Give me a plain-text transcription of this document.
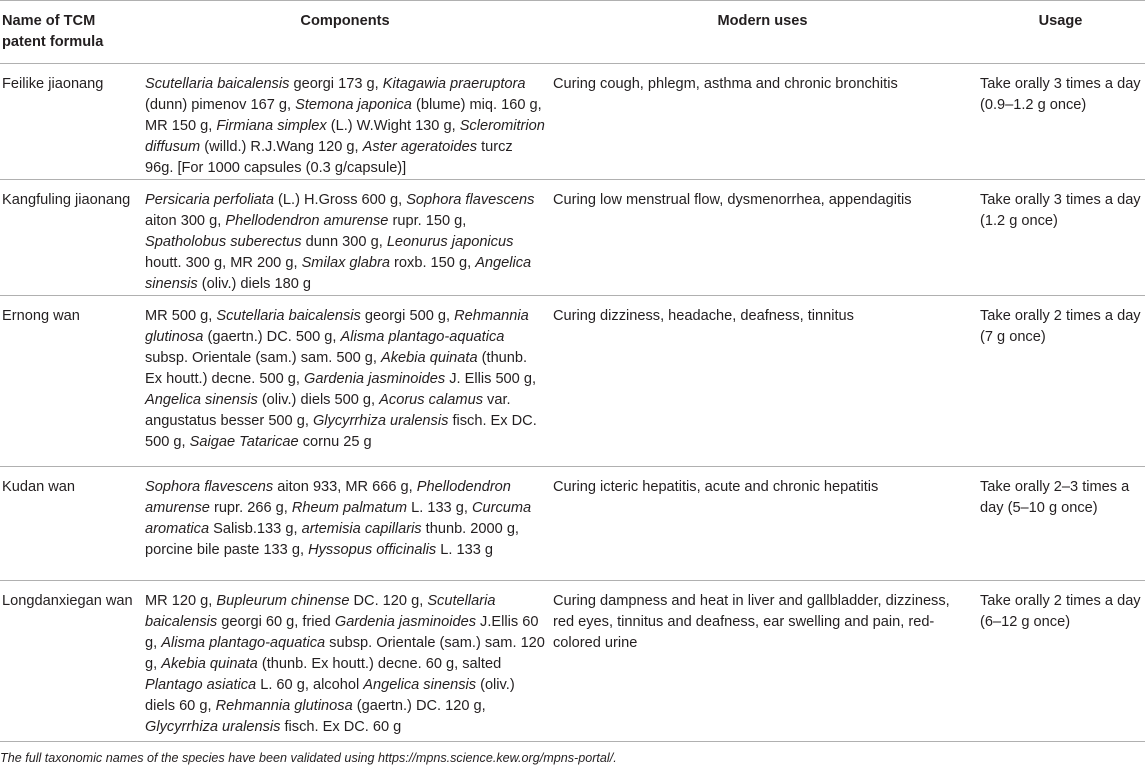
Name of TCM patent formula	Components	Modern uses	Usage
Feilike jiaonang	Scutellaria baicalensis georgi 173 g, Kitagawia praeruptora (dunn) pimenov 167 g, Stemona japonica (blume) miq. 160 g, MR 150 g, Firmiana simplex (L.) W.Wight 130 g, Scleromitrion diffusum (willd.) R.J.Wang 120 g, Aster ageratoides turcz 96g. [For 1000 capsules (0.3 g/capsule)]	Curing cough, phlegm, asthma and chronic bronchitis	Take orally 3 times a day (0.9–1.2 g once)
Kangfuling jiaonang	Persicaria perfoliata (L.) H.Gross 600 g, Sophora flavescens aiton 300 g, Phellodendron amurense rupr. 150 g, Spatholobus suberectus dunn 300 g, Leonurus japonicus houtt. 300 g, MR 200 g, Smilax glabra roxb. 150 g, Angelica sinensis (oliv.) diels 180 g	Curing low menstrual flow, dysmenorrhea, appendagitis	Take orally 3 times a day (1.2 g once)
Ernong wan	MR 500 g, Scutellaria baicalensis georgi 500 g, Rehmannia glutinosa (gaertn.) DC. 500 g, Alisma plantago-aquatica subsp. Orientale (sam.) sam. 500 g, Akebia quinata (thunb. Ex houtt.) decne. 500 g, Gardenia jasminoides J. Ellis 500 g, Angelica sinensis (oliv.) diels 500 g, Acorus calamus var. angustatus besser 500 g, Glycyrrhiza uralensis fisch. Ex DC. 500 g, Saigae Tataricae cornu 25 g	Curing dizziness, headache, deafness, tinnitus	Take orally 2 times a day (7 g once)
Kudan wan	Sophora flavescens aiton 933, MR 666 g, Phellodendron amurense rupr. 266 g, Rheum palmatum L. 133 g, Curcuma aromatica Salisb.133 g, artemisia capillaris thunb. 2000 g, porcine bile paste 133 g, Hyssopus officinalis L. 133 g	Curing icteric hepatitis, acute and chronic hepatitis	Take orally 2–3 times a day (5–10 g once)
Longdanxiegan wan	MR 120 g, Bupleurum chinense DC. 120 g, Scutellaria baicalensis georgi 60 g, fried Gardenia jasminoides J.Ellis 60 g, Alisma plantago-aquatica subsp. Orientale (sam.) sam. 120 g, Akebia quinata (thunb. Ex houtt.) decne. 60 g, salted Plantago asiatica L. 60 g, alcohol Angelica sinensis (oliv.) diels 60 g, Rehmannia glutinosa (gaertn.) DC. 120 g, Glycyrrhiza uralensis fisch. Ex DC. 60 g	Curing dampness and heat in liver and gallbladder, dizziness, red eyes, tinnitus and deafness, ear swelling and pain, red-colored urine	Take orally 2 times a day (6–12 g once)
The full taxonomic names of the species have been validated using https://mpns.science.kew.org/mpns-portal/.
